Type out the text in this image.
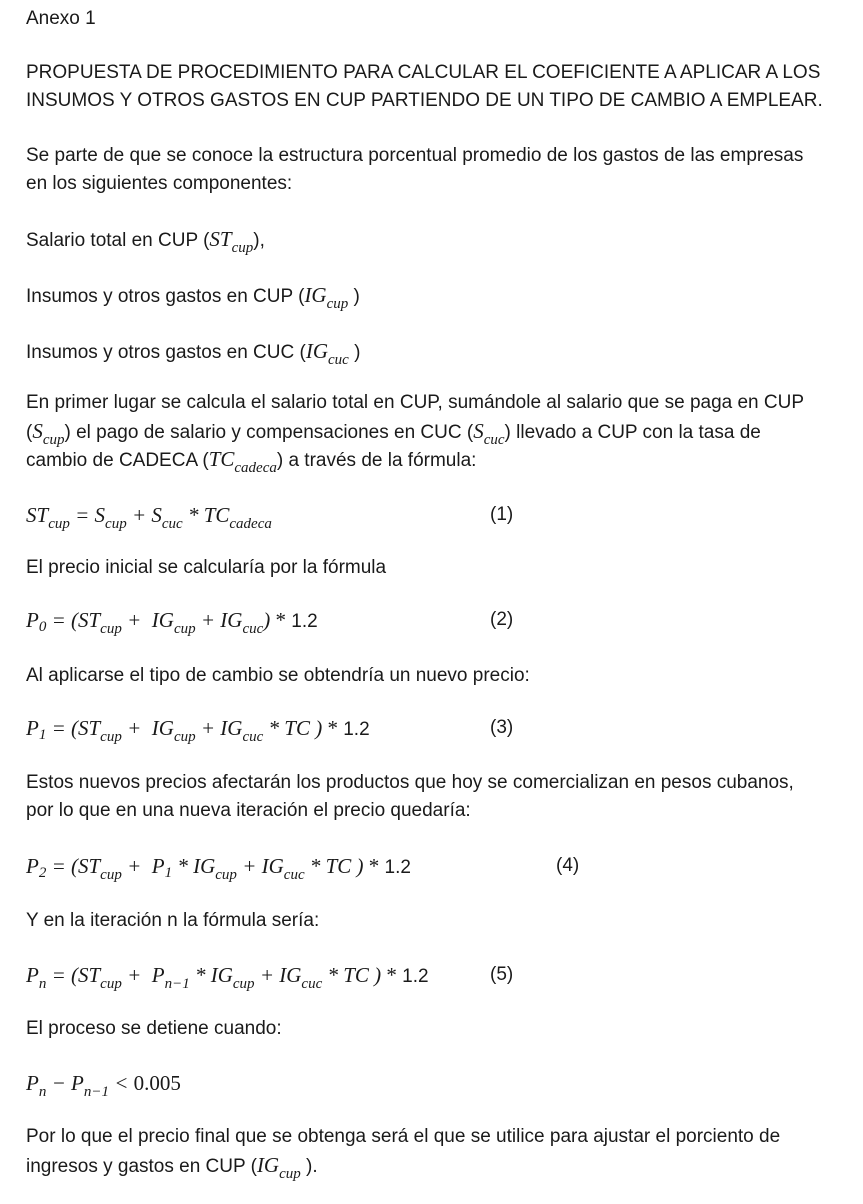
Anexo 1
PROPUESTA DE PROCEDIMIENTO PARA CALCULAR EL COEFICIENTE A APLICAR A LOS
INSUMOS Y OTROS GASTOS EN CUP PARTIENDO DE UN TIPO DE CAMBIO A EMPLEAR.
Se parte de que se conoce la estructura porcentual promedio de los gastos de las empresas
en los siguientes componentes:
Salario total en CUP $(ST_{cup})$,
Insumos y otros gastos en CUP ($IG_{cup}$ )
Insumos y otros gastos en CUC ($IG_{cuc}$ )
En primer lugar se calcula el salario total en CUP, sumándole al salario que se paga en CUP
$(S_{cup})$ el pago de salario y compensaciones en CUC $(S_{cuc})$ llevado a CUP con la tasa de
cambio de CADECA $(TC_{cadeca})$ a través de la fórmula:
$ST_{cup} = S_{cup} + S_{cuc} * TC_{cadeca}$	(1)
El precio inicial se calcularía por la fórmula
$P_0 = (ST_{cup} + IG_{cup} + IG_{cuc}) * 1.2$	(2)
Al aplicarse el tipo de cambio se obtendría un nuevo precio:
$P_1 = (ST_{cup} + IG_{cup} + IG_{cuc}$ * TC ) * 1.2	(3)
Estos nuevos precios afectarán los productos que hoy se comercializan en pesos cubanos,
por lo que en una nueva iteración el precio quedaría:
$P_2 = (ST_{cup} + P_1 * IG_{cup} + IG_{cuc}$ * TC ) * 1.2	(4)
Y en la iteración n la fórmula sería:
$P_n = (ST_{cup} + P_{n-1} * IG_{cup} + IG_{cuc}$ * TC ) * 1.2	(5)
El proceso se detiene cuando:
$P_n - P_{n-1} < 0.005$
Por lo que el precio final que se obtenga será el que se utilice para ajustar el porciento de
ingresos y gastos en CUP ($IG_{cup}$ ).
